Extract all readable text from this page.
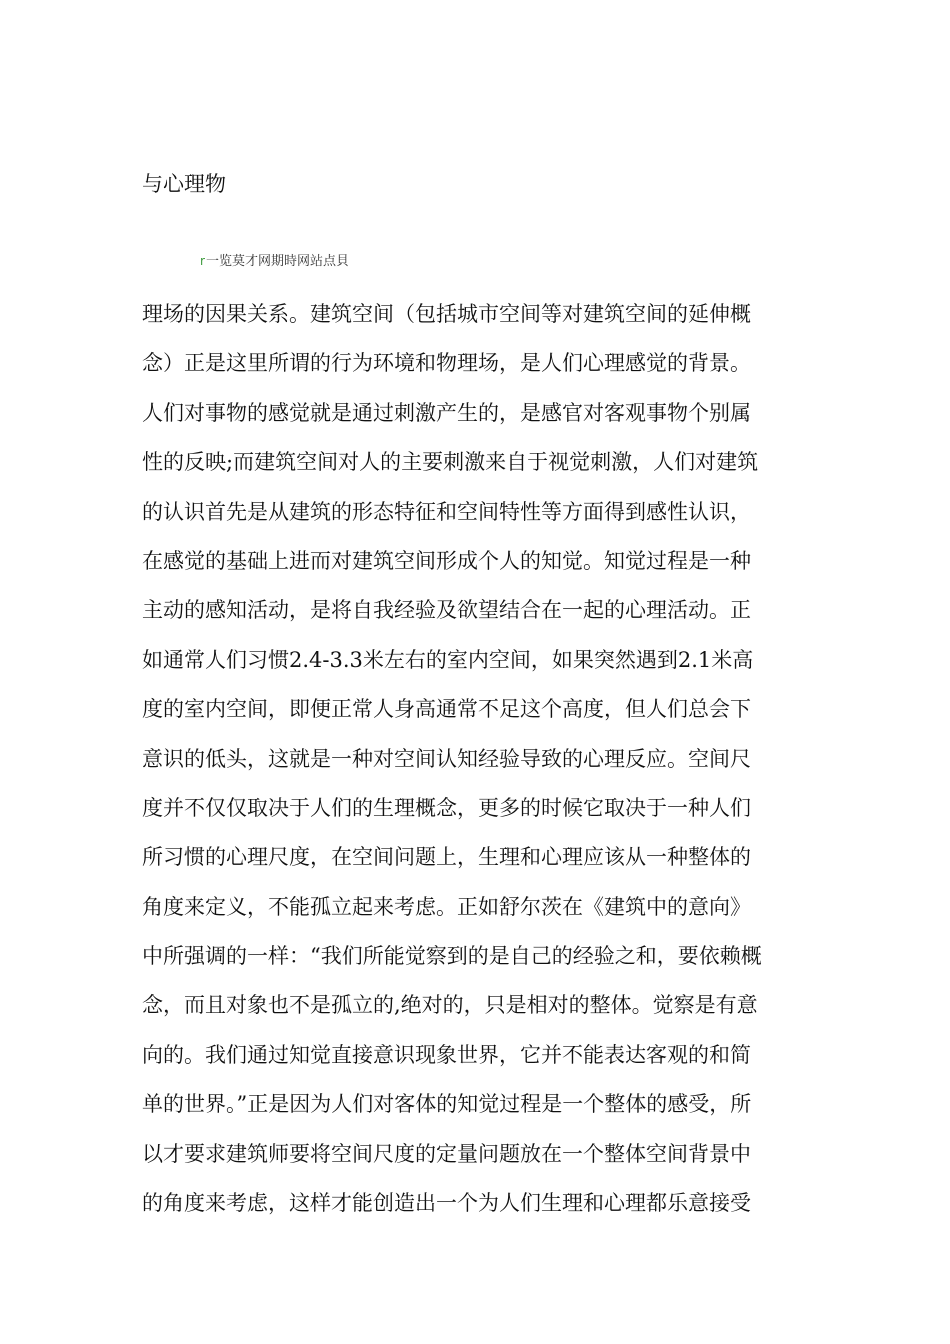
与心理物
r一览莫才网期時网站点貝
理场的因果关系。建筑空间（包括城市空间等对建筑空间的延伸概
念）正是这里所谓的行为环境和物理场，是人们心理感觉的背景。
人们对事物的感觉就是通过刺激产生的，是感官对客观事物个别属
性的反映;而建筑空间对人的主要刺激来自于视觉刺激，人们对建筑
的认识首先是从建筑的形态特征和空间特性等方面得到感性认识，
在感觉的基础上进而对建筑空间形成个人的知觉。知觉过程是一种
主动的感知活动，是将自我经验及欲望结合在一起的心理活动。正
如通常人们习惯2.4-3.3米左右的室内空间，如果突然遇到2.1米高
度的室内空间，即便正常人身高通常不足这个高度，但人们总会下
意识的低头，这就是一种对空间认知经验导致的心理反应。空间尺
度并不仅仅取决于人们的生理概念，更多的时候它取决于一种人们
所习惯的心理尺度，在空间问题上，生理和心理应该从一种整体的
角度来定义，不能孤立起来考虑。正如舒尔茨在《建筑中的意向》
中所强调的一样：“我们所能觉察到的是自己的经验之和，要依赖概
念，而且对象也不是孤立的,绝对的，只是相对的整体。觉察是有意
向的。我们通过知觉直接意识现象世界，它并不能表达客观的和简
单的世界。”正是因为人们对客体的知觉过程是一个整体的感受，所
以才要求建筑师要将空间尺度的定量问题放在一个整体空间背景中
的角度来考虑，这样才能创造出一个为人们生理和心理都乐意接受
